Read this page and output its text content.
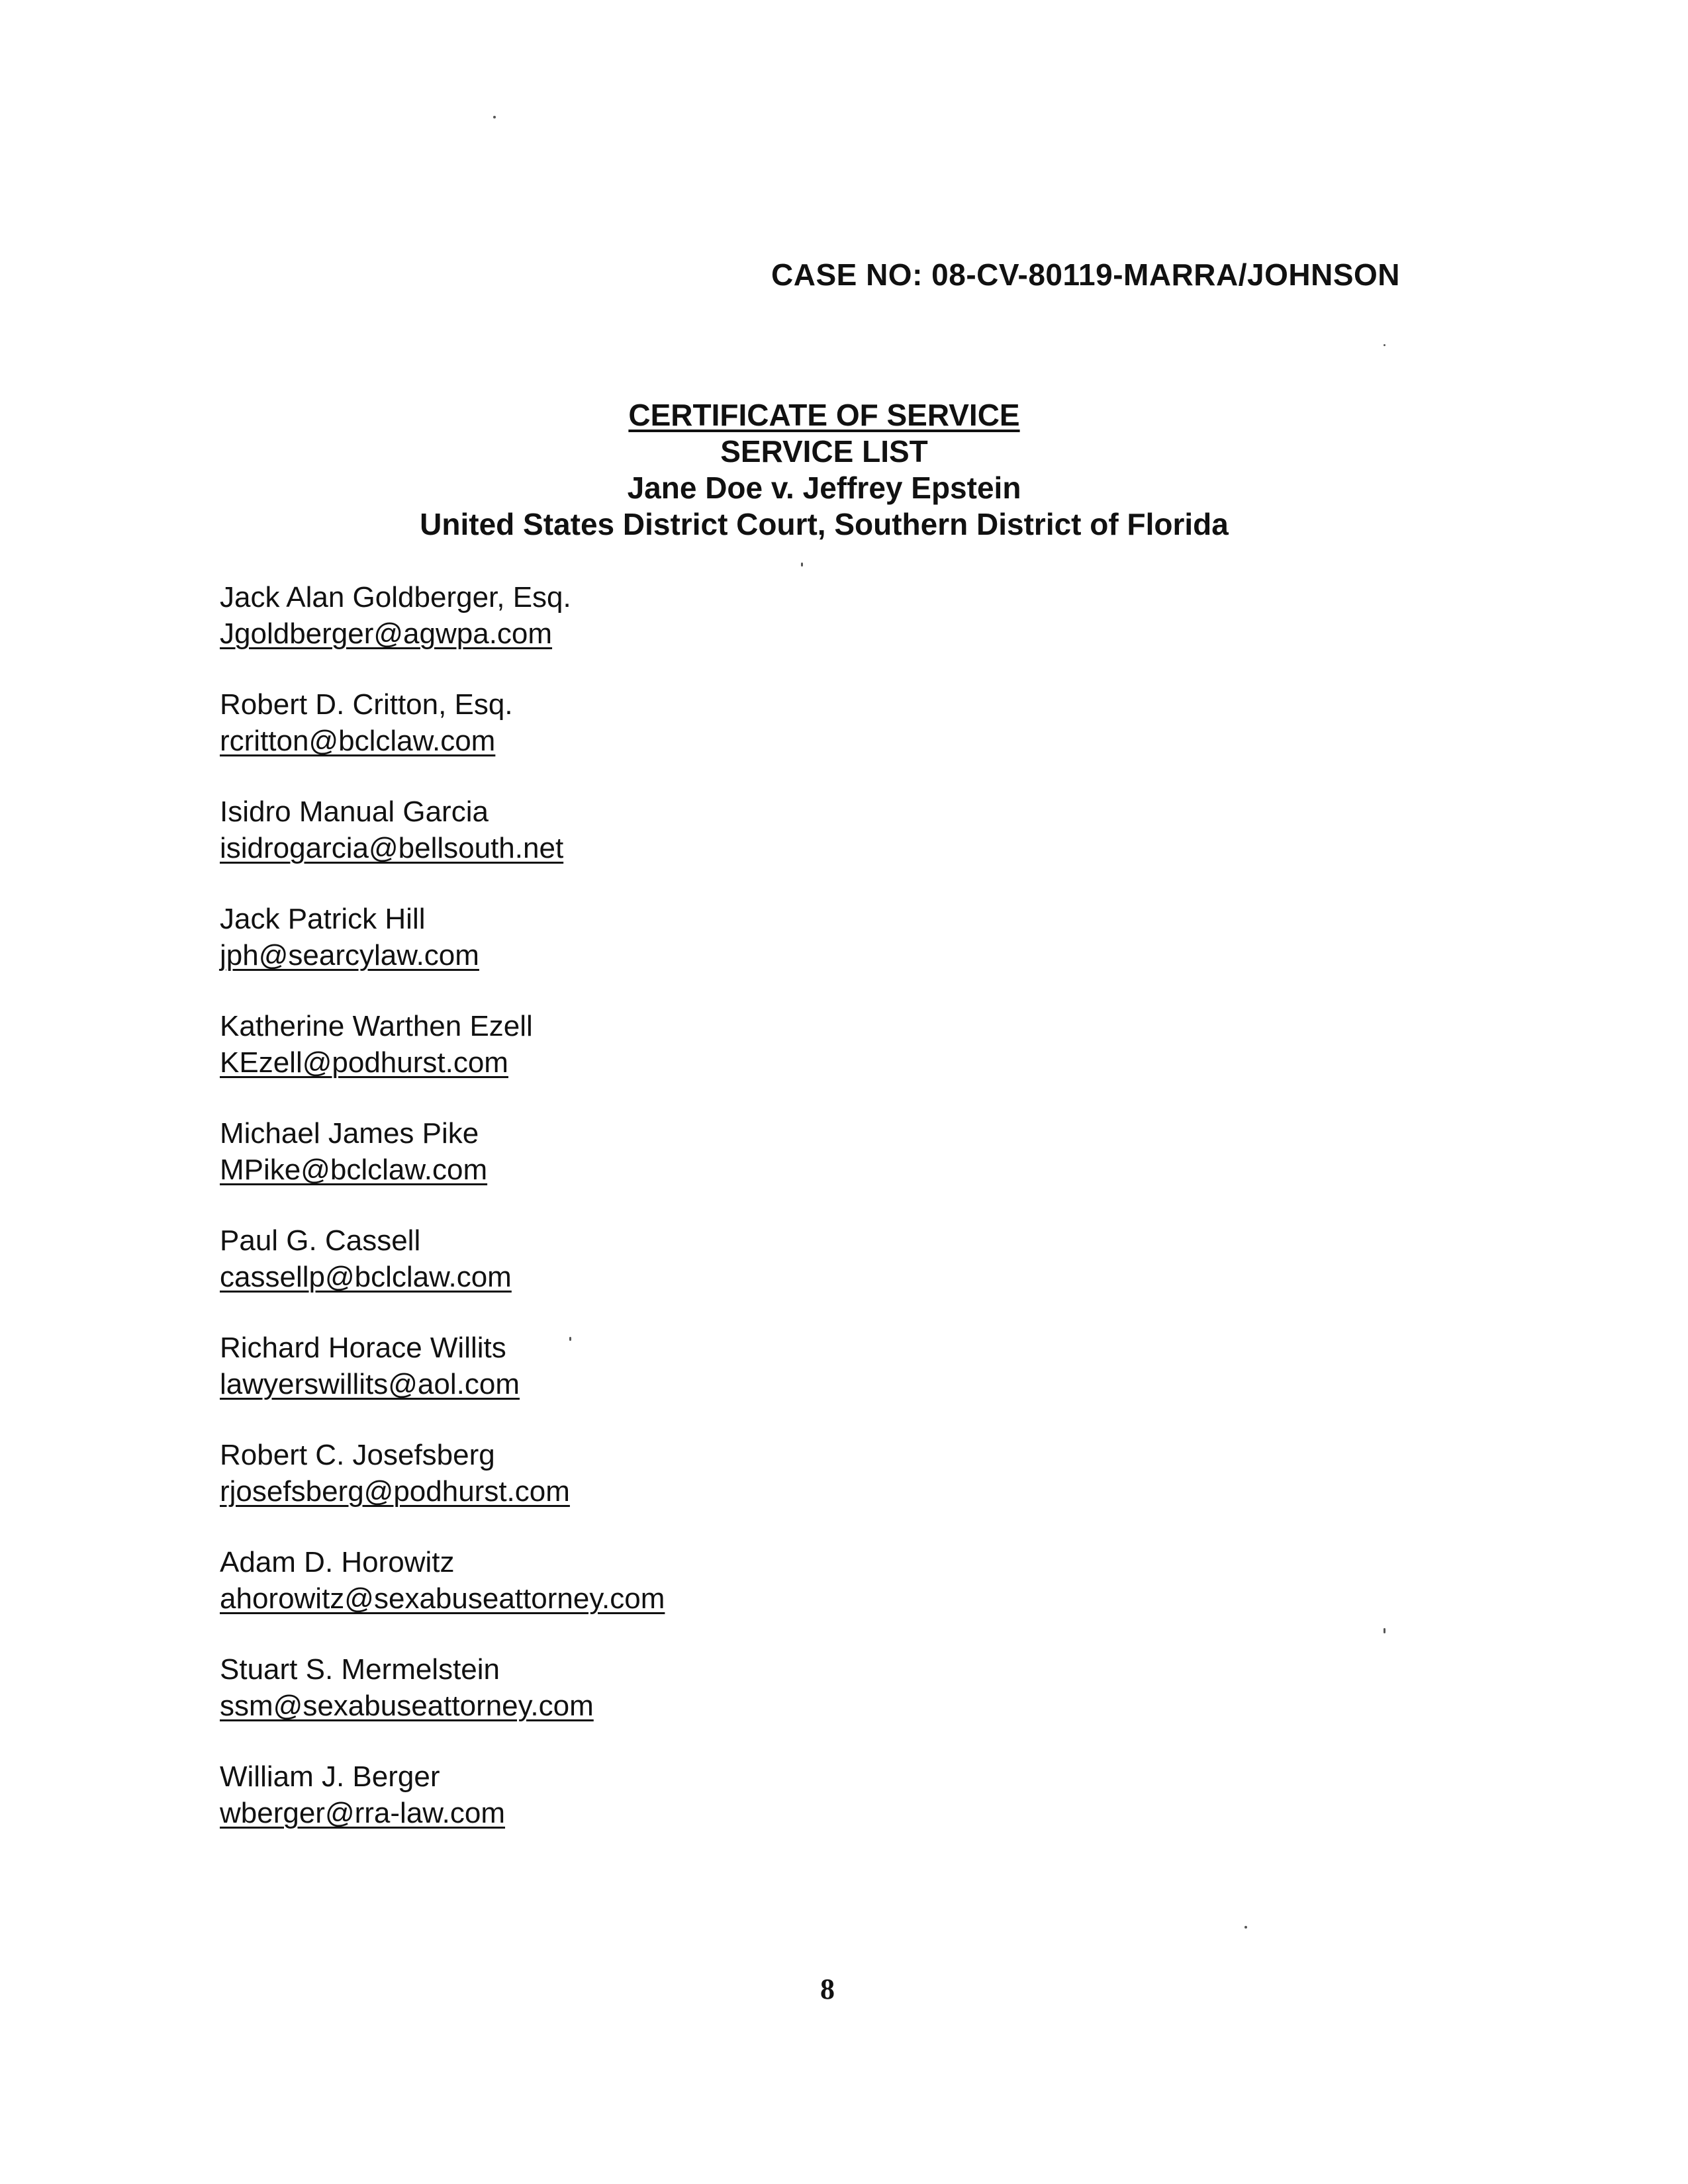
CASE NO: 08-CV-80119-MARRA/JOHNSON
CERTIFICATE OF SERVICE
SERVICE LIST
Jane Doe v. Jeffrey Epstein
United States District Court, Southern District of Florida
Jack Alan Goldberger, Esq.
Jgoldberger@agwpa.com
Robert D. Critton, Esq.
rcritton@bclclaw.com
Isidro Manual Garcia
isidrogarcia@bellsouth.net
Jack Patrick Hill
jph@searcylaw.com
Katherine Warthen Ezell
KEzell@podhurst.com
Michael James Pike
MPike@bclclaw.com
Paul G. Cassell
cassellp@bclclaw.com
Richard Horace Willits
lawyerswillits@aol.com
Robert C. Josefsberg
rjosefsberg@podhurst.com
Adam D. Horowitz
ahorowitz@sexabuseattorney.com
Stuart S. Mermelstein
ssm@sexabuseattorney.com
William J. Berger
wberger@rra-law.com
8
